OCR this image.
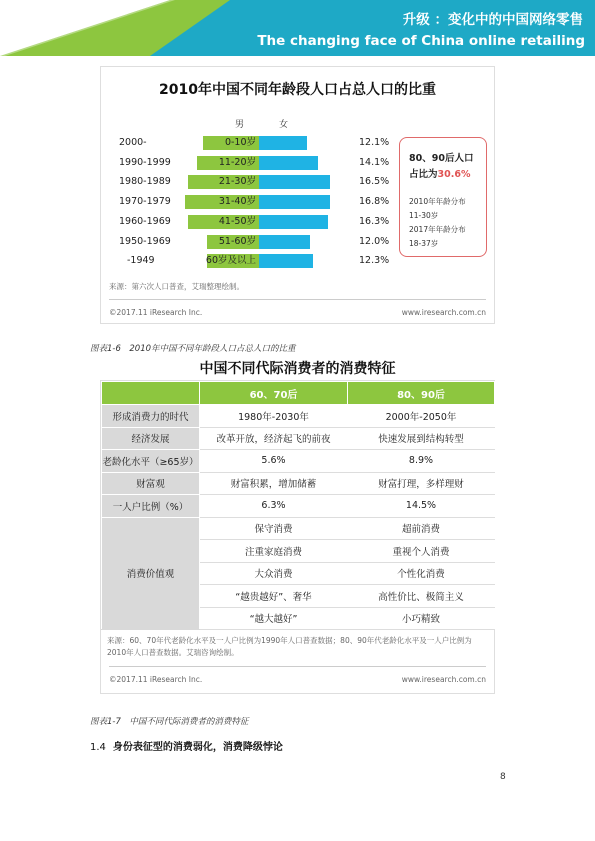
升级 ：变化中的中国网络零售
The changing face of China online retailing
2010年中国不同年龄段人口占总人口的比重
男	女
2000-	0-10岁	12.1%
1990-1999	11-20岁	14.1%
1980-1989	21-30岁	16.5%
1970-1979	31-40岁	16.8%
1960-1969	41-50岁	16.3%
1950-1969	51-60岁	12.0%
-1949	60岁及以上	12.3%
80、90后人口
占比为30.6%
2010年年龄分布
11-30岁
2017年年龄分布
18-37岁
来源：第六次人口普查，艾瑞整理绘制。
©2017.11 iResearch Inc.	www.iresearch.com.cn
图表1-6　2010年中国不同年龄段人口占总人口的比重
中国不同代际消费者的消费特征
	60、70后	80、90后
形成消费力的时代	1980年-2030年	2000年-2050年
经济发展	改革开放，经济起飞的前夜	快速发展到结构转型
老龄化水平（≥65岁）	5.6%	8.9%
财富观	财富积累，增加储蓄	财富打理，多样理财
一人户比例（%）	6.3%	14.5%
消费价值观	保守消费	超前消费
	注重家庭消费	重视个人消费
	大众消费	个性化消费
	“越贵越好”、奢华	高性价比、极简主义
	“越大越好”	小巧精致
来源：60、70年代老龄化水平及一人户比例为1990年人口普查数据；80、90年代老龄化水平及一人户比例为2010年人口普查数据。艾瑞咨询绘制。
©2017.11 iResearch Inc.	www.iresearch.com.cn
图表1-7　中国不同代际消费者的消费特征
1.4 身份表征型的消费弱化，消费降级悖论
8
